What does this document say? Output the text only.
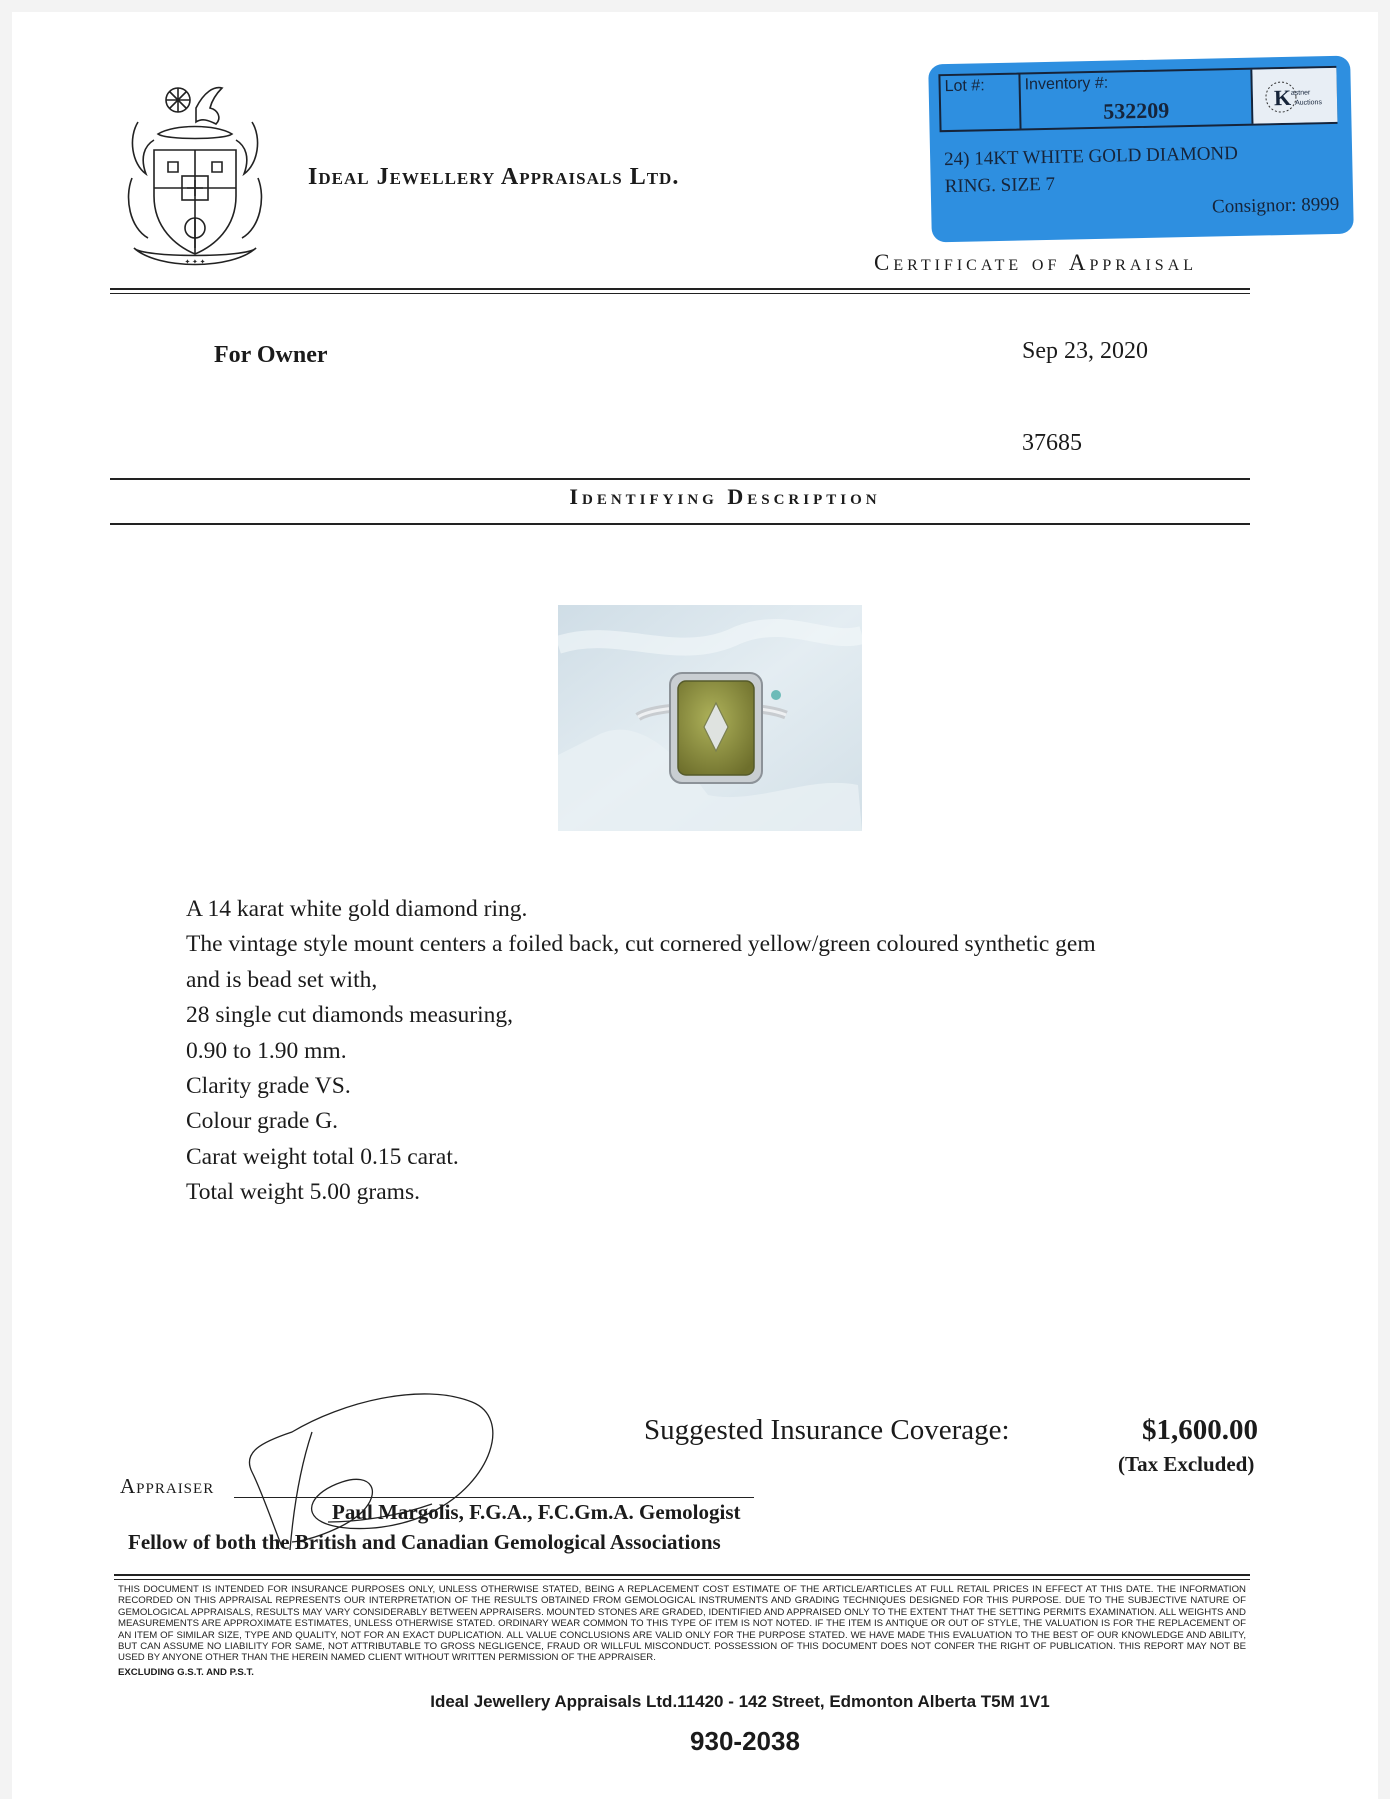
✦ ✦ ✦
Ideal Jewellery Appraisals Ltd.
Lot #: Inventory #:
532209	K astner
Auctions
24) 14KT WHITE GOLD DIAMOND
RING. SIZE 7
Consignor: 8999
Certificate of Appraisal
For Owner	Sep 23, 2020
37685
Identifying Description
A 14 karat white gold diamond ring.
The vintage style mount centers a foiled back, cut cornered yellow/green coloured synthetic gem
and is bead set with,
28 single cut diamonds measuring,
0.90 to 1.90 mm.
Clarity grade VS.
Colour grade G.
Carat weight total 0.15 carat.
Total weight 5.00 grams.
Suggested Insurance Coverage:	$1,600.00
(Tax Excluded)
Appraiser
Paul Margolis, F.G.A., F.C.Gm.A. Gemologist
Fellow of both the British and Canadian Gemological Associations
THIS DOCUMENT IS INTENDED FOR INSURANCE PURPOSES ONLY, UNLESS OTHERWISE STATED, BEING A REPLACEMENT COST ESTIMATE OF THE ARTICLE/ARTICLES AT FULL RETAIL PRICES IN EFFECT AT THIS DATE. THE INFORMATION RECORDED ON THIS APPRAISAL REPRESENTS OUR INTERPRETATION OF THE RESULTS OBTAINED FROM GEMOLOGICAL INSTRUMENTS AND GRADING TECHNIQUES DESIGNED FOR THIS PURPOSE. DUE TO THE SUBJECTIVE NATURE OF GEMOLOGICAL APPRAISALS, RESULTS MAY VARY CONSIDERABLY BETWEEN APPRAISERS. MOUNTED STONES ARE GRADED, IDENTIFIED AND APPRAISED ONLY TO THE EXTENT THAT THE SETTING PERMITS EXAMINATION. ALL WEIGHTS AND MEASUREMENTS ARE APPROXIMATE ESTIMATES, UNLESS OTHERWISE STATED. ORDINARY WEAR COMMON TO THIS TYPE OF ITEM IS NOT NOTED. IF THE ITEM IS ANTIQUE OR OUT OF STYLE, THE VALUATION IS FOR THE REPLACEMENT OF AN ITEM OF SIMILAR SIZE, TYPE AND QUALITY, NOT FOR AN EXACT DUPLICATION. ALL VALUE CONCLUSIONS ARE VALID ONLY FOR THE PURPOSE STATED. WE HAVE MADE THIS EVALUATION TO THE BEST OF OUR KNOWLEDGE AND ABILITY, BUT CAN ASSUME NO LIABILITY FOR SAME, NOT ATTRIBUTABLE TO GROSS NEGLIGENCE, FRAUD OR WILLFUL MISCONDUCT. POSSESSION OF THIS DOCUMENT DOES NOT CONFER THE RIGHT OF PUBLICATION. THIS REPORT MAY NOT BE USED BY ANYONE OTHER THAN THE HEREIN NAMED CLIENT WITHOUT WRITTEN PERMISSION OF THE APPRAISER.
EXCLUDING G.S.T. AND P.S.T.
Ideal Jewellery Appraisals Ltd.11420 - 142 Street, Edmonton Alberta T5M 1V1
930-2038
